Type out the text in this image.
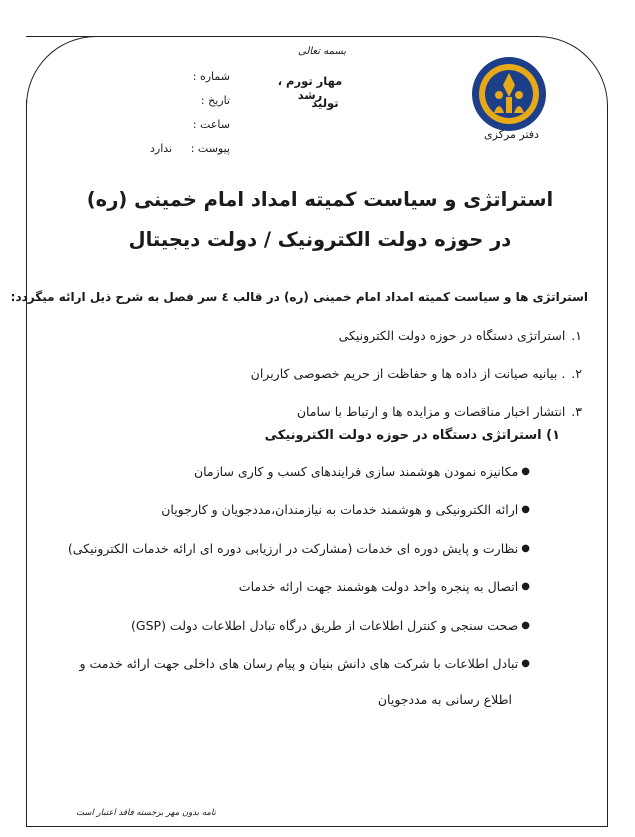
شماره :
تاریخ :
ساعت :
پیوست :
ندارد
بسمه تعالی
مهار تورم ، رشد
تولید
دفتر مرکزی
استراتژی و سیاست کمیته امداد امام خمینی (ره)
در حوزه دولت الکترونیک / دولت دیجیتال
استراتژی ها و سیاست کمیته امداد امام خمینی (ره) در قالب ٤ سر فصل به شرح ذیل ارائه میگردد:
١.
استراتژی دستگاه در حوزه دولت الکترونیکی
٢.
. بیانیه صیانت از داده ها و حفاظت از حریم خصوصی کاربران
٣.
انتشار اخبار مناقصات و مزایده ها و ارتباط با سامان
١) استراتژی دستگاه در حوزه دولت الکترونیکی
●
مکانیزه نمودن هوشمند سازی فرایندهای کسب و کاری سازمان
●
ارائه الکترونیکی و هوشمند خدمات به نیازمندان،مددجویان و کارجویان
●
نظارت و پایش دوره ای خدمات (مشارکت در ارزیابی دوره ای ارائه خدمات الکترونیکی)
●
اتصال به پنجره واحد دولت هوشمند جهت ارائه خدمات
●
صحت سنجی و کنترل اطلاعات از طریق درگاه تبادل اطلاعات دولت (GSP)
●
تبادل اطلاعات با شرکت های دانش بنیان و پیام رسان های داخلی جهت ارائه خدمت و
اطلاع رسانی به مددجویان
نامه بدون مهر برجسته فاقد اعتبار است
